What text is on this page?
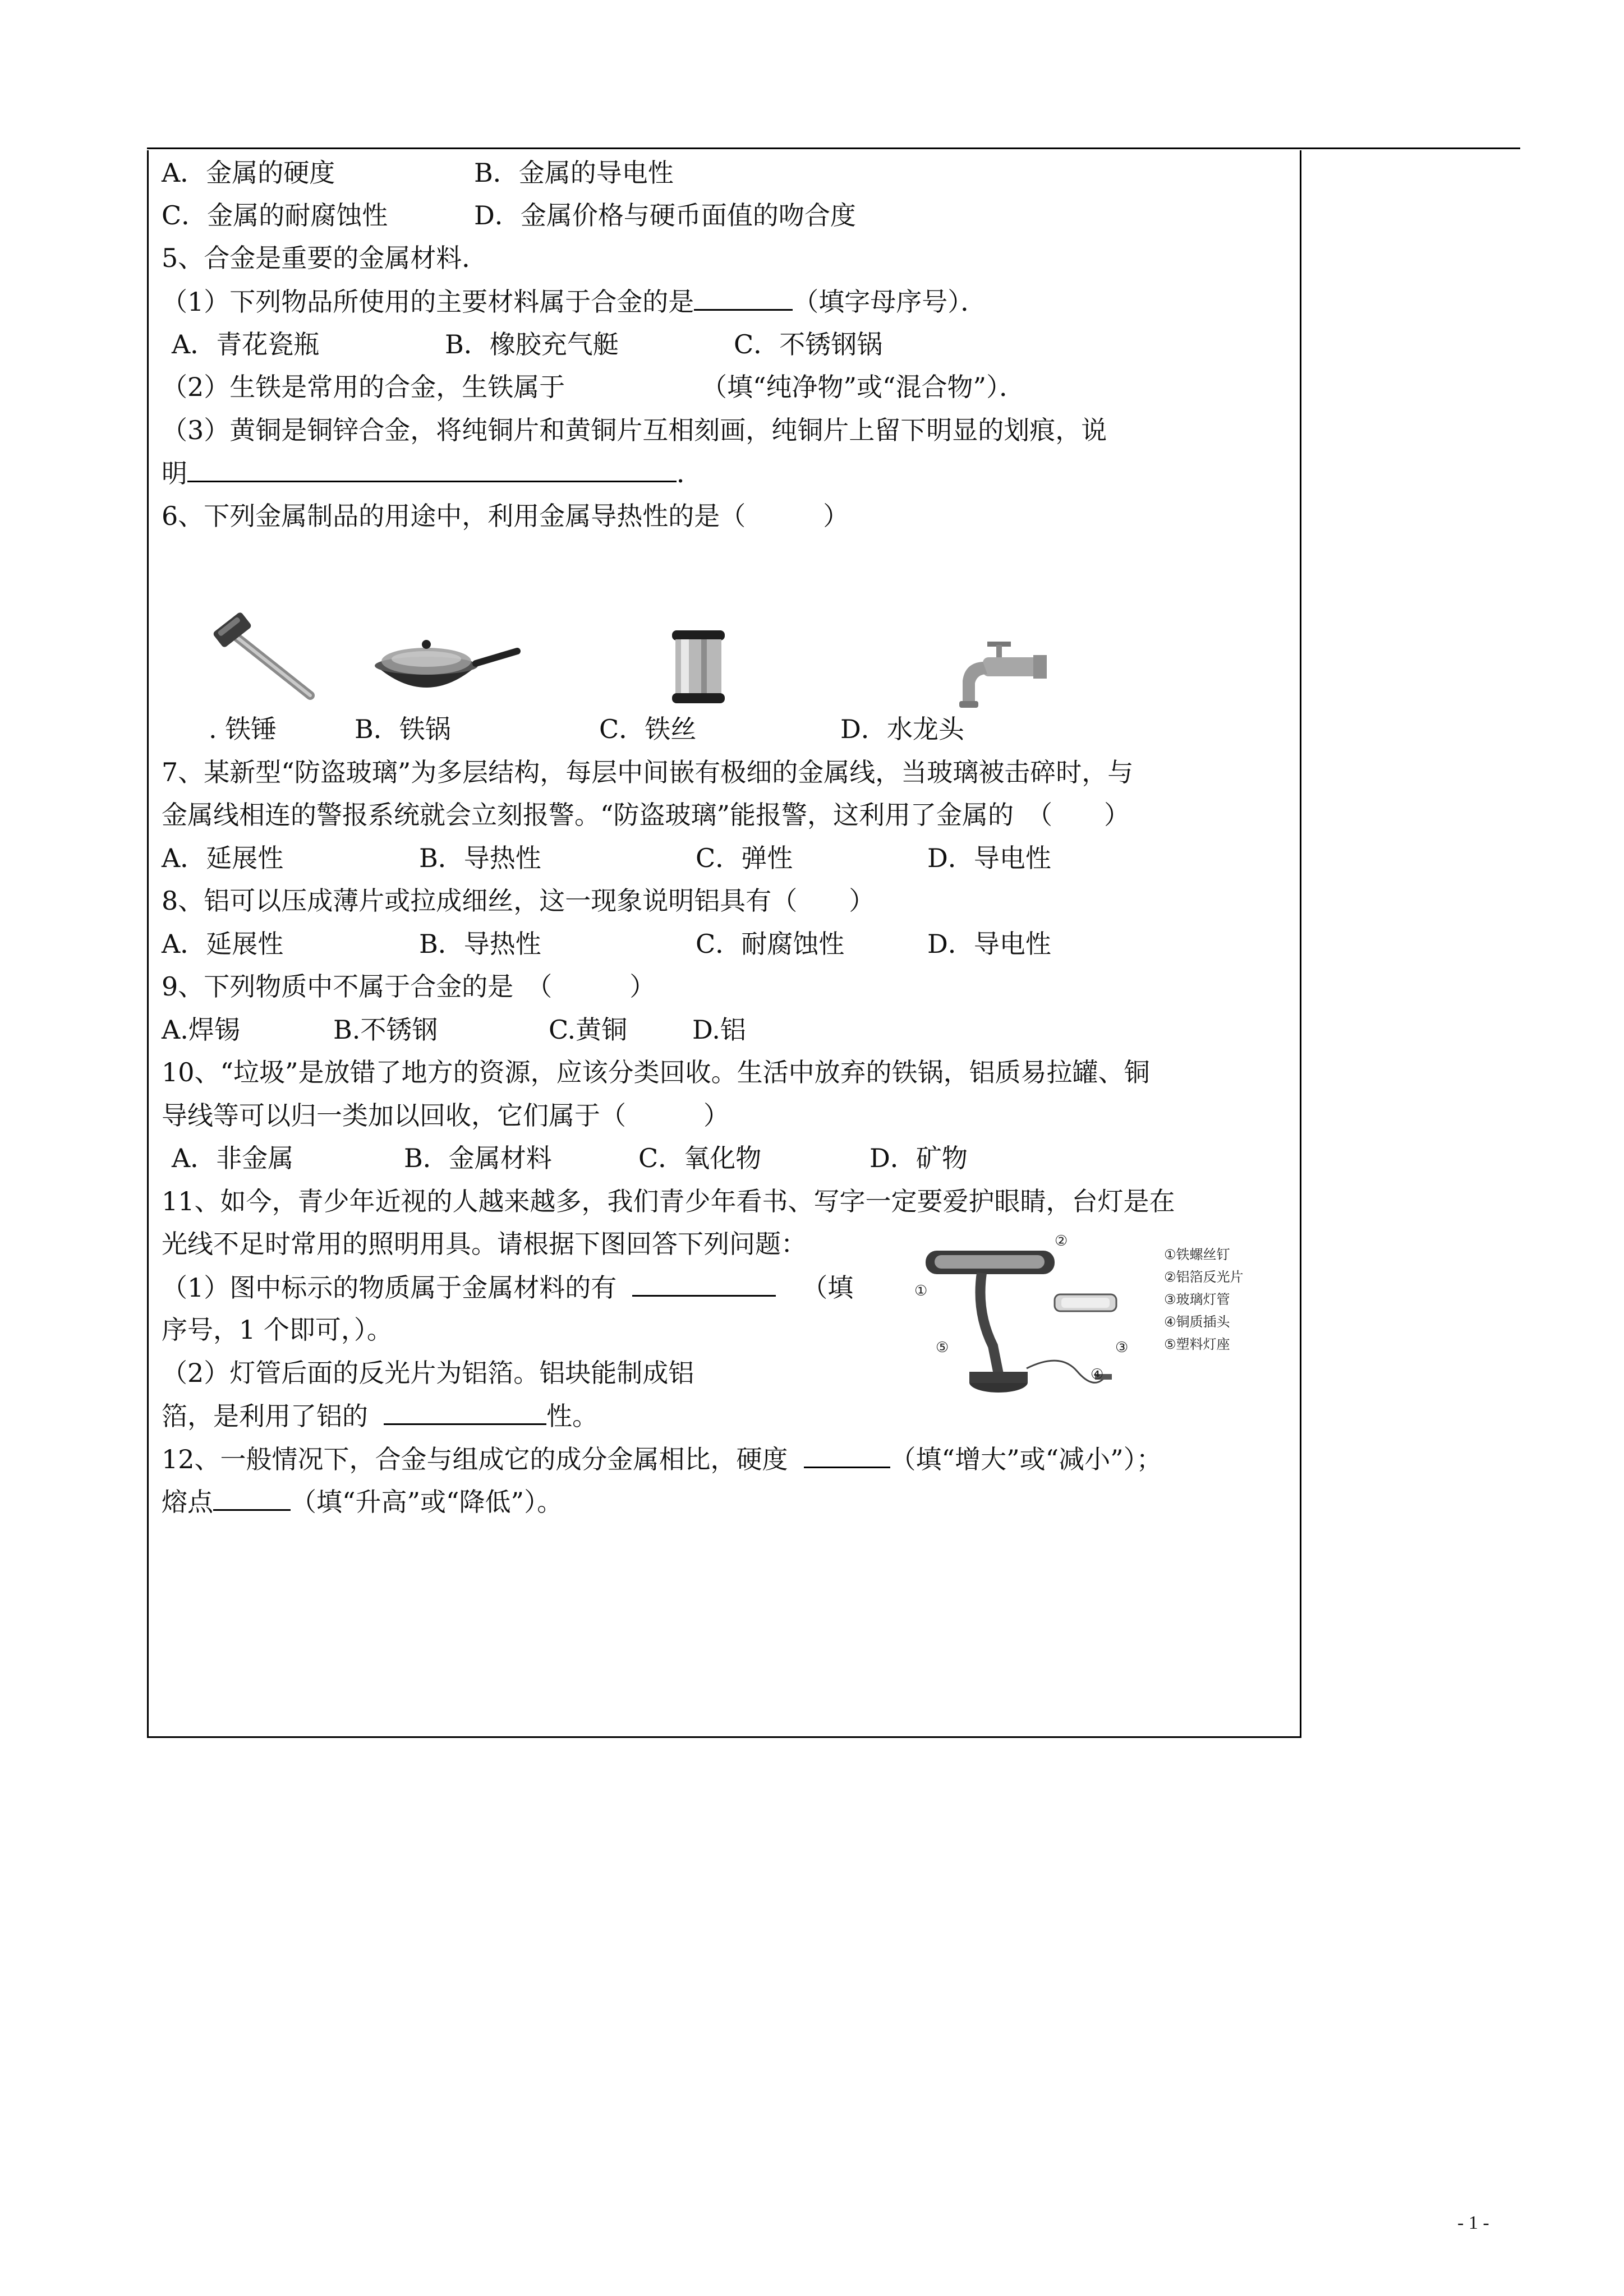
A．金属的硬度	B．金属的导电性
C．金属的耐腐蚀性	D．金属价格与硬币面值的吻合度
5、合金是重要的金属材料．
（1）下列物品所使用的主要材料属于合金的是	（填字母序号）．
A．青花瓷瓶	B．橡胶充气艇	C．不锈钢锅
（2）生铁是常用的合金，生铁属于	（填“纯净物”或“混合物”）．
（3）黄铜是铜锌合金，将纯铜片和黄铜片互相刻画，纯铜片上留下明显的划痕，说
明	．
6、下列金属制品的用途中，利用金属导热性的是（　　　）
. 铁锤	B．铁锅	C．铁丝	D．水龙头
7、某新型“防盗玻璃”为多层结构，每层中间嵌有极细的金属线，当玻璃被击碎时，与
金属线相连的警报系统就会立刻报警。“防盗玻璃”能报警，这利用了金属的　（　　）
A．延展性	B．导热性	C．弹性	D．导电性
8、铝可以压成薄片或拉成细丝，这一现象说明铝具有（　　）
A．延展性	B．导热性	C．耐腐蚀性	D．导电性
9、下列物质中不属于合金的是　（　　　）
A.焊锡	B.不锈钢	C.黄铜	D.铝
10、“垃圾”是放错了地方的资源，应该分类回收。生活中放弃的铁锅，铝质易拉罐、铜
导线等可以归一类加以回收，它们属于（　　　）
A．非金属	B．金属材料	C．氧化物	D．矿物
11、如今，青少年近视的人越来越多，我们青少年看书、写字一定要爱护眼睛，台灯是在
光线不足时常用的照明用具。请根据下图回答下列问题：
（1）图中标示的物质属于金属材料的有	（填
序号，1 个即可，）。
（2）灯管后面的反光片为铝箔。铝块能制成铝
箔，是利用了铝的	性。
①
②
③
④
⑤
①铁螺丝钉
②铝箔反光片
③玻璃灯管
④铜质插头
⑤塑料灯座
12、一般情况下，合金与组成它的成分金属相比，硬度	（填“增大”或“减小”）；
熔点	（填“升高”或“降低”）。
- 1 -
